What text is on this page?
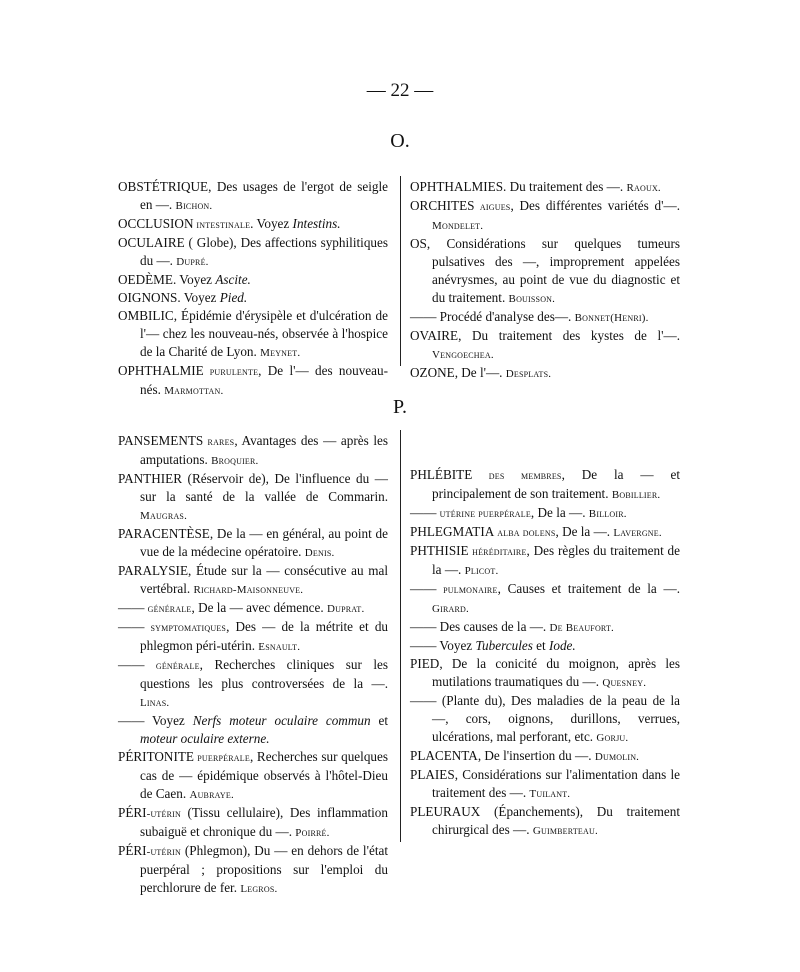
— 22 —
O.
OBSTÉTRIQUE, Des usages de l'ergot de seigle en —. Bichon.
OCCLUSION intestinale. Voyez Intestins.
OCULAIRE ( Globe), Des affections syphilitiques du —. Dupré.
OEDÈME. Voyez Ascite.
OIGNONS. Voyez Pied.
OMBILIC, Épidémie d'érysipèle et d'ulcération de l'— chez les nouveau-nés, observée à l'hospice de la Charité de Lyon. Meynet.
OPHTHALMIE purulente, De l'— des nouveau-nés. Marmottan.
OPHTHALMIES. Du traitement des —. Raoux.
ORCHITES aigues, Des différentes variétés d'—. Mondelet.
OS, Considérations sur quelques tumeurs pulsatives des —, improprement appelées anévrysmes, au point de vue du diagnostic et du traitement. Bouisson.
—— Procédé d'analyse des—. Bonnet(Henri).
OVAIRE, Du traitement des kystes de l'—. Vengoechea.
OZONE, De l'—. Desplats.
P.
PANSEMENTS rares, Avantages des — après les amputations. Broquier.
PANTHIER (Réservoir de), De l'influence du — sur la santé de la vallée de Commarin. Maugras.
PARACENTÈSE, De la — en général, au point de vue de la médecine opératoire. Denis.
PARALYSIE, Étude sur la — consécutive au mal vertébral. Richard-Maisonneuve.
—— générale, De la — avec démence. Duprat.
—— symptomatiques, Des — de la métrite et du phlegmon péri-utérin. Esnault.
—— générale, Recherches cliniques sur les questions les plus controversées de la —. Linas.
—— Voyez Nerfs moteur oculaire commun et moteur oculaire externe.
PÉRITONITE puerpérale, Recherches sur quelques cas de — épidémique observés à l'hôtel-Dieu de Caen. Aubraye.
PÉRI-utérin (Tissu cellulaire), Des inflammation subaiguë et chronique du —. Poirré.
PÉRI-utérin (Phlegmon), Du — en dehors de l'état puerpéral ; propositions sur l'emploi du perchlorure de fer. Legros.
PHLÉBITE des membres, De la — et principalement de son traitement. Bobillier.
—— utérine puerpérale, De la —. Billoir.
PHLEGMATIA alba dolens, De la —. Lavergne.
PHTHISIE héréditaire, Des règles du traitement de la —. Plicot.
—— pulmonaire, Causes et traitement de la —. Girard.
—— Des causes de la —. De Beaufort.
—— Voyez Tubercules et Iode.
PIED, De la conicité du moignon, après les mutilations traumatiques du —. Quesney.
—— (Plante du), Des maladies de la peau de la —, cors, oignons, durillons, verrues, ulcérations, mal perforant, etc. Gorju.
PLACENTA, De l'insertion du —. Dumolin.
PLAIES, Considérations sur l'alimentation dans le traitement des —. Tuilant.
PLEURAUX (Épanchements), Du traitement chirurgical des —. Guimberteau.
